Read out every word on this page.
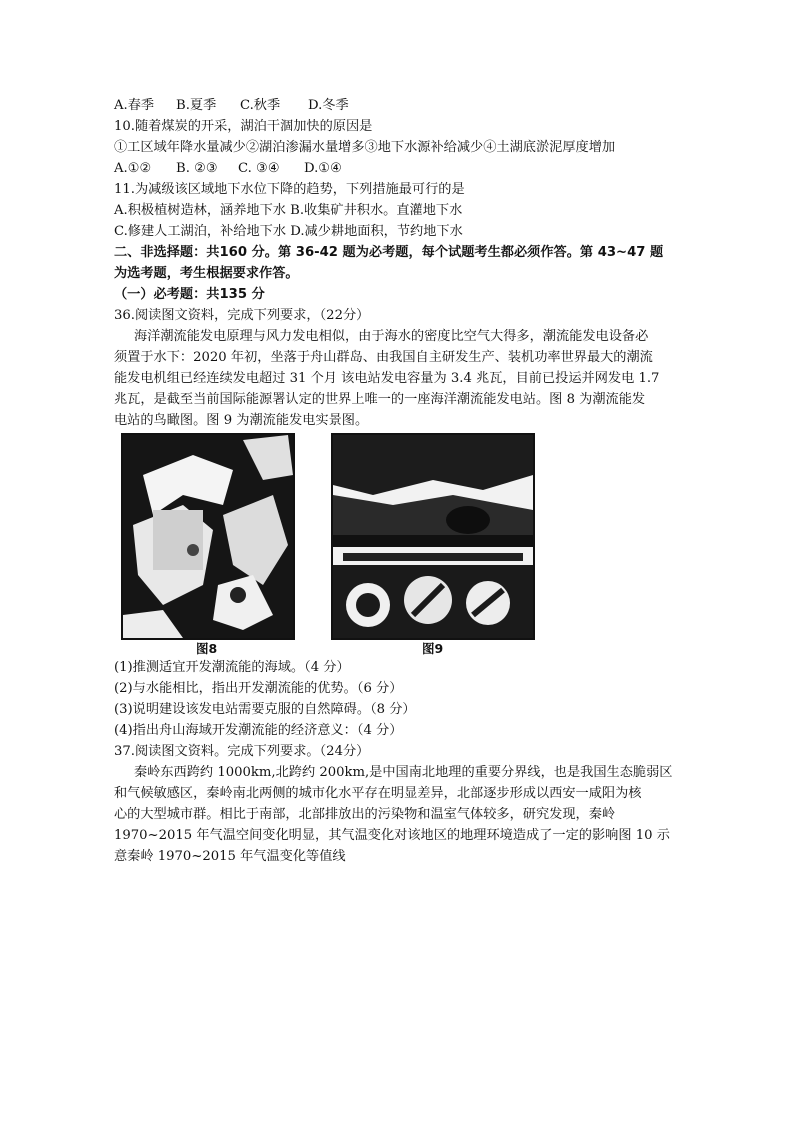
A.春季 B.夏季 C.秋季 D.冬季
10.随着煤炭的开采，湖泊干涸加快的原因是
①工区域年降水量减少②湖泊渗漏水量增多③地下水源补给减少④土湖底淤泥厚度增加
A.①② B. ②③ C. ③④ D.①④
11.为减级该区域地下水位下降的趋势，下列措施最可行的是
A.积极植树造林，涵养地下水 B.收集矿井积水。直灌地下水
C.修建人工湖泊，补给地下水 D.减少耕地面积，节约地下水
二、非选择题：共160 分。第 36-42 题为必考题，每个试题考生都必须作答。第 43~47 题
为选考题，考生根据要求作答。
（一）必考题：共135 分
36.阅读图文资料，完成下列要求，（22分）
海洋潮流能发电原理与风力发电相似，由于海水的密度比空气大得多，潮流能发电设备必
须置于水下：2020 年初，坐落于舟山群岛、由我国自主研发生产、装机功率世界最大的潮流
能发电机组已经连续发电超过 31 个月 该电站发电容量为 3.4 兆瓦，目前已投运并网发电 1.7
兆瓦，是截至当前国际能源署认定的世界上唯一的一座海洋潮流能发电站。图 8 为潮流能发
电站的鸟瞰图。图 9 为潮流能发电实景图。
图8	图9
(1)推测适宜开发潮流能的海域。（4 分）
(2)与水能相比，指出开发潮流能的优势。（6 分）
(3)说明建设该发电站需要克服的自然障碍。（8 分）
(4)指出舟山海域开发潮流能的经济意义：（4 分）
37.阅读图文资料。完成下列要求。（24分）
秦岭东西跨约 1000km,北跨约 200km,是中国南北地理的重要分界线，也是我国生态脆弱区
和气候敏感区，秦岭南北两侧的城市化水平存在明显差异，北部逐步形成以西安一咸阳为核
心的大型城市群。相比于南部，北部排放出的污染物和温室气体较多，研究发现，秦岭
1970~2015 年气温空间变化明显，其气温变化对该地区的地理环境造成了一定的影响图 10 示
意秦岭 1970~2015 年气温变化等值线
